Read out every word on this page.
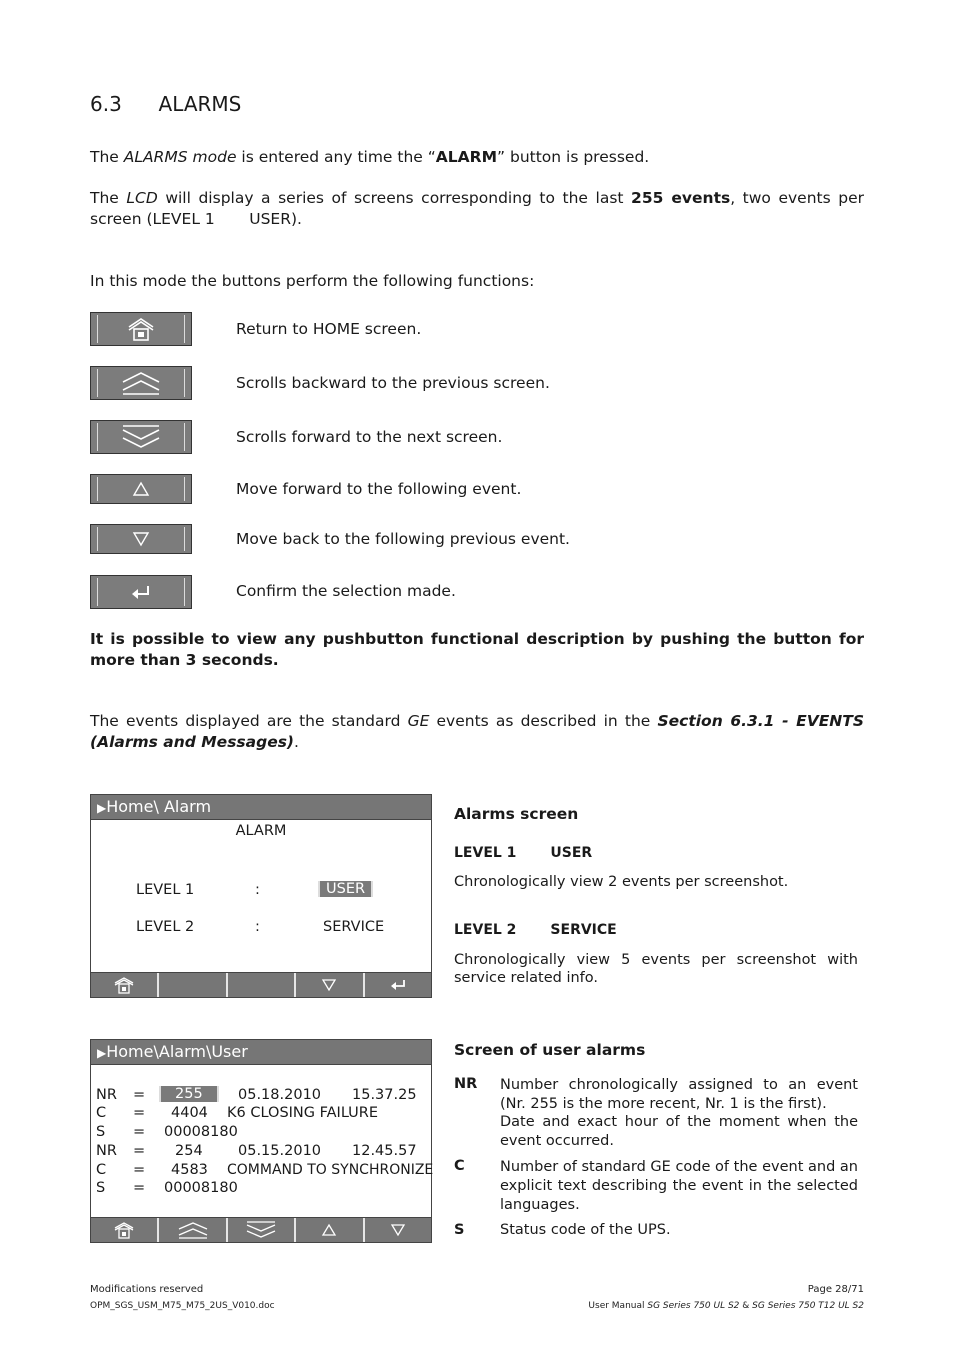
6.3 ALARMS
The ALARMS mode is entered any time the “ALARM” button is pressed.
The LCD will display a series of screens corresponding to the last 255 events, two events per screen (LEVEL 1       USER).
In this mode the buttons perform the following functions:
Return to HOME screen.
Scrolls backward to the previous screen.
Scrolls forward to the next screen.
Move forward to the following event.
Move back to the following previous event.
Confirm the selection made.
It is possible to view any pushbutton functional description by pushing the button for more than 3 seconds.
The events displayed are the standard GE events as described in the Section 6.3.1 - EVENTS (Alarms and Messages).
▶Home\ Alarm
ALARM
LEVEL 1	:	USER
LEVEL 2	:	SERVICE
Alarms screen
LEVEL 1 USER
Chronologically view 2 events per screenshot.
LEVEL 2 SERVICE
Chronologically view 5 events per screenshot with service related info.
▶Home\Alarm\User
NR =	255	05.18.2010 15.37.25
C = 4404 K6 CLOSING FAILURE
S = 00008180
NR = 254 05.15.2010 12.45.57
C = 4583 COMMAND TO SYNCHRONIZE
S = 00008180
Screen of user alarms
NR Number chronologically assigned to an event (Nr. 255 is the more recent, Nr. 1 is the first).
Date and exact hour of the moment when the event occurred.
C Number of standard GE code of the event and an explicit text describing the event in the selected languages.
S Status code of the UPS.
Modifications reserved
OPM_SGS_USM_M75_M75_2US_V010.doc
Page 28/71
User Manual SG Series 750 UL S2 & SG Series 750 T12 UL S2
